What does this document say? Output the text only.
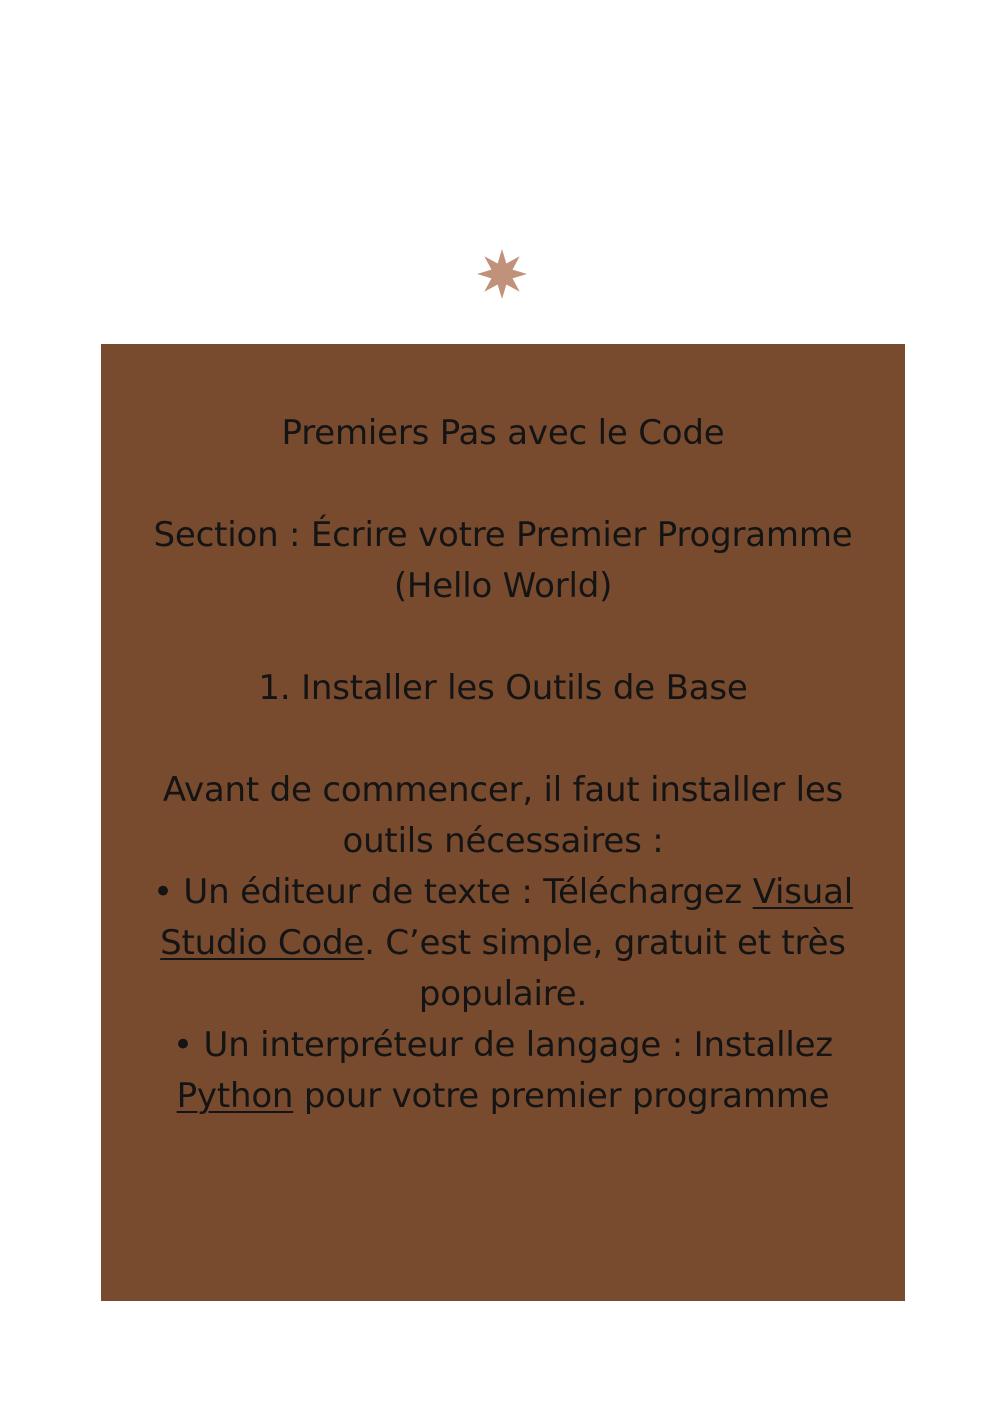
Premiers Pas avec le Code

Section : Écrire votre Premier Programme (Hello World)

1. Installer les Outils de Base

Avant de commencer, il faut installer les outils nécessaires :

• Un éditeur de texte : Téléchargez Visual Studio Code. C’est simple, gratuit et très populaire.

• Un interpréteur de langage : Installez Python pour votre premier programme
